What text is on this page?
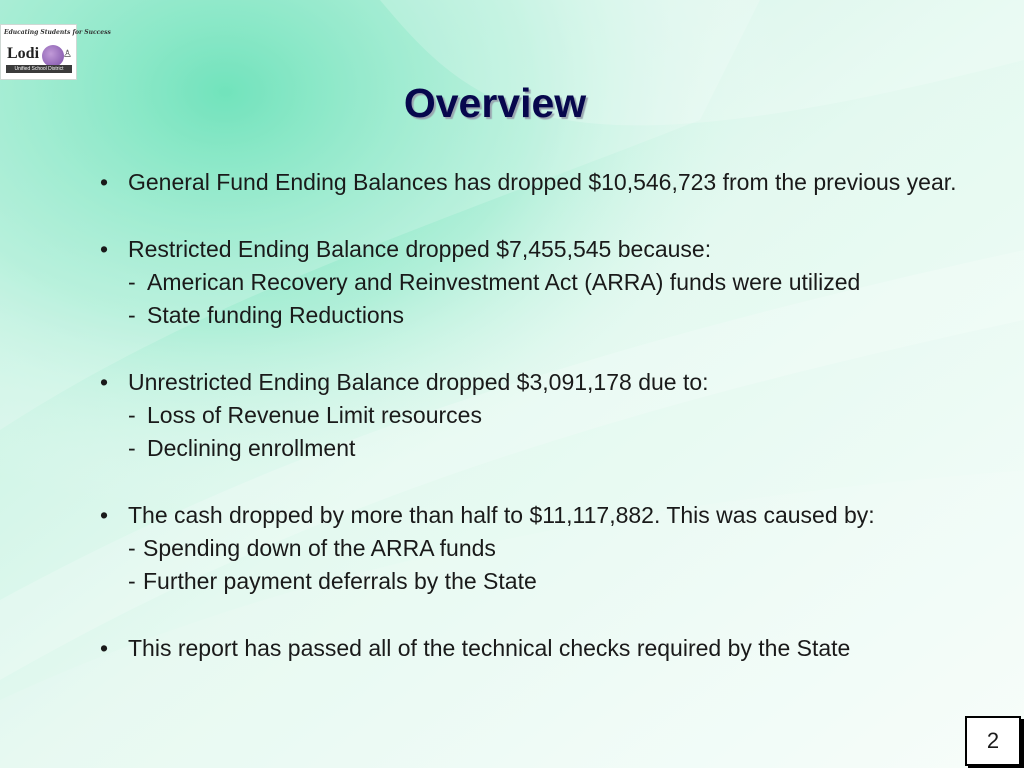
Educating Students for Success
Lodi ♙
Unified School District
Overview
• General Fund Ending Balances has dropped $10,546,723 from the previous year.
• Restricted Ending Balance dropped $7,455,545 because:
- American Recovery and Reinvestment Act (ARRA) funds were utilized
- State funding Reductions
• Unrestricted Ending Balance dropped $3,091,178 due to:
- Loss of Revenue Limit resources
- Declining enrollment
• The cash dropped by more than half to $11,117,882. This was caused by:
- Spending down of the ARRA funds
- Further payment deferrals by the State
• This report has passed all of the technical checks required by the State
2
